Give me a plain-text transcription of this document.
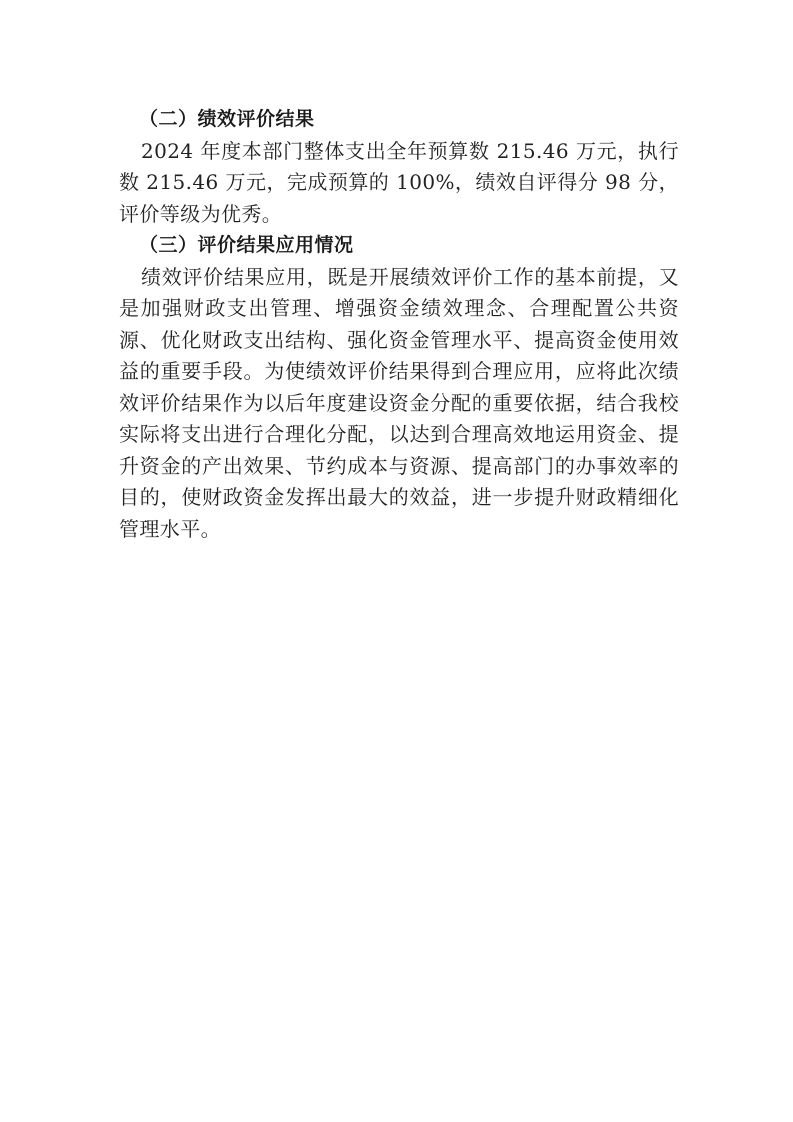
（二）绩效评价结果

2024 年度本部门整体支出全年预算数 215.46 万元，执行数 215.46 万元，完成预算的 100%，绩效自评得分 98 分，评价等级为优秀。

（三）评价结果应用情况

绩效评价结果应用，既是开展绩效评价工作的基本前提，又是加强财政支出管理、增强资金绩效理念、合理配置公共资源、优化财政支出结构、强化资金管理水平、提高资金使用效益的重要手段。为使绩效评价结果得到合理应用，应将此次绩效评价结果作为以后年度建设资金分配的重要依据，结合我校实际将支出进行合理化分配，以达到合理高效地运用资金、提升资金的产出效果、节约成本与资源、提高部门的办事效率的目的，使财政资金发挥出最大的效益，进一步提升财政精细化管理水平。
